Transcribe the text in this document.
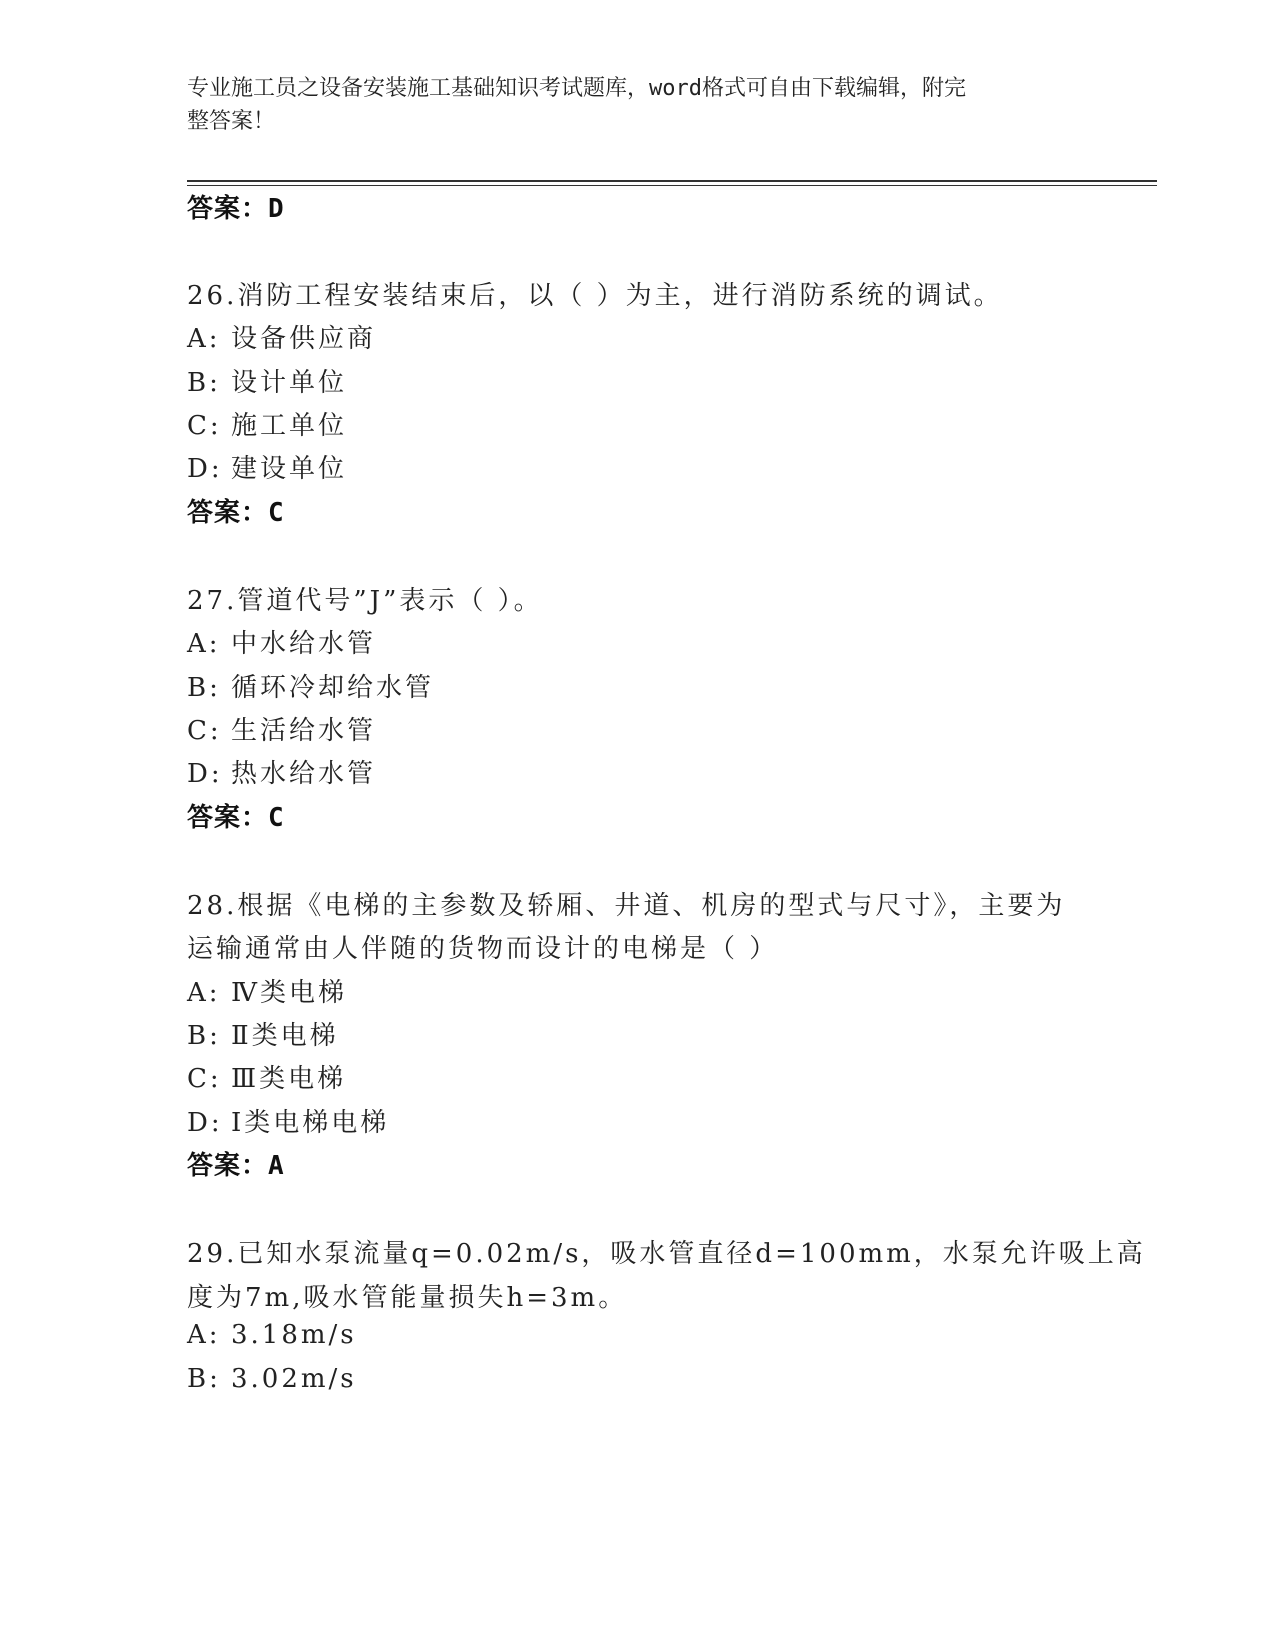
专业施工员之设备安装施工基础知识考试题库，word格式可自由下载编辑，附完
整答案！
答案：D
26.消防工程安装结束后，以（ ）为主，进行消防系统的调试。
A: 设备供应商
B: 设计单位
C: 施工单位
D: 建设单位
答案：C
27.管道代号”J”表示（ ）。
A: 中水给水管
B: 循环冷却给水管
C: 生活给水管
D: 热水给水管
答案：C
28.根据《电梯的主参数及轿厢、井道、机房的型式与尺寸》，主要为
运输通常由人伴随的货物而设计的电梯是（ ）
A: Ⅳ类电梯
B: Ⅱ类电梯
C: Ⅲ类电梯
D: Ⅰ类电梯电梯
答案：A
29.已知水泵流量q=0.02m/s，吸水管直径d=100mm，水泵允许吸上高
度为7m,吸水管能量损失h=3m。
A: 3.18m/s
B: 3.02m/s
